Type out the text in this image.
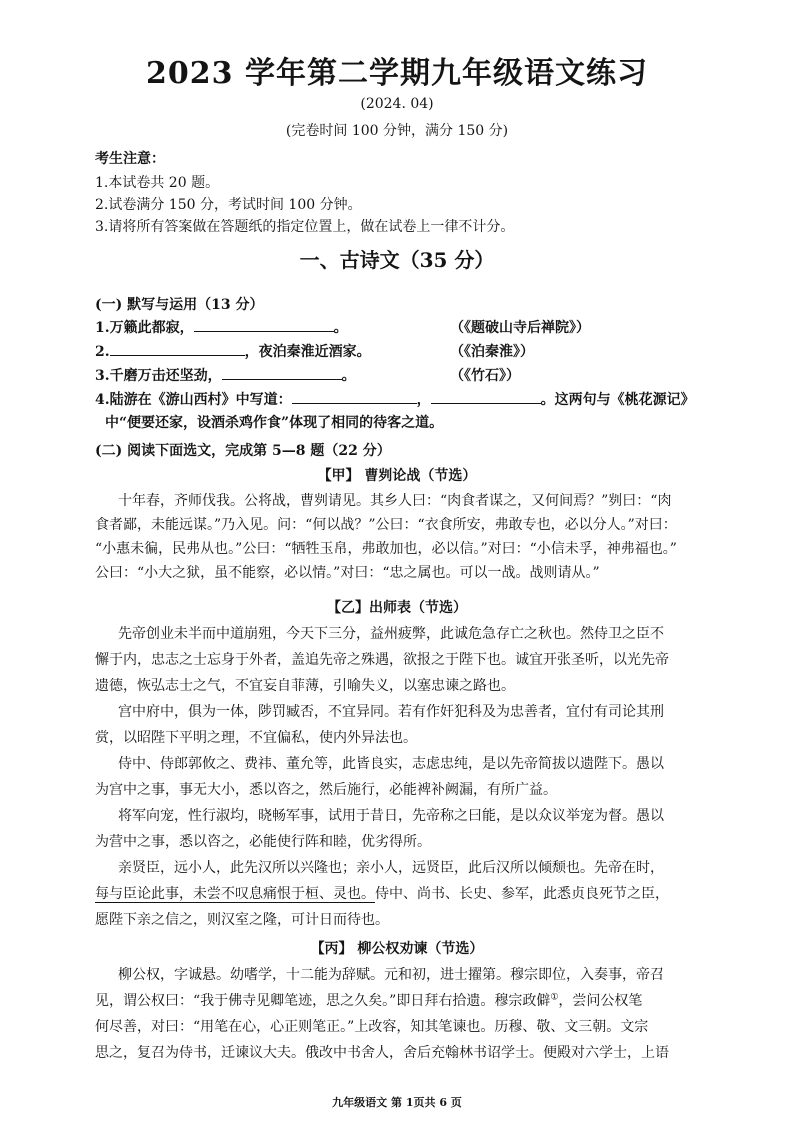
2023 学年第二学期九年级语文练习
(2024. 04)
(完卷时间 100 分钟，满分 150 分)
考生注意：
1.本试卷共 20 题。
2.试卷满分 150 分，考试时间 100 分钟。
3.请将所有答案做在答题纸的指定位置上，做在试卷上一律不计分。
一、古诗文（35 分）
(一) 默写与运用（13 分）
1.万籁此都寂，	。	（《题破山寺后禅院》）
2.	，夜泊秦淮近酒家。	（《泊秦淮》）
3.千磨万击还坚劲，	。	（《竹石》）
4.陆游在《游山西村》中写道：	，	。这两句与《桃花源记》
中“便要还家，设酒杀鸡作食”体现了相同的待客之道。
(二) 阅读下面选文，完成第 5—8 题（22 分）
【甲】 曹刿论战（节选）
十年春，齐师伐我。公将战，曹刿请见。其乡人曰：“肉食者谋之，又何间焉？”刿曰：“肉
食者鄙，未能远谋。”乃入见。问：“何以战？”公曰：“衣食所安，弗敢专也，必以分人。”对曰：
“小惠未徧，民弗从也。”公曰：“牺牲玉帛，弗敢加也，必以信。”对曰：“小信未孚，神弗福也。”
公曰：“小大之狱，虽不能察，必以情。”对曰：“忠之属也。可以一战。战则请从。”
【乙】出师表（节选）
先帝创业未半而中道崩殂，今天下三分，益州疲弊，此诚危急存亡之秋也。然侍卫之臣不
懈于内，忠志之士忘身于外者，盖追先帝之殊遇，欲报之于陛下也。诚宜开张圣听，以光先帝
遗德，恢弘志士之气，不宜妄自菲薄，引喻失义，以塞忠谏之路也。
宫中府中，俱为一体，陟罚臧否，不宜异同。若有作奸犯科及为忠善者，宜付有司论其刑
赏，以昭陛下平明之理，不宜偏私，使内外异法也。
侍中、侍郎郭攸之、费祎、董允等，此皆良实，志虑忠纯，是以先帝简拔以遗陛下。愚以
为宫中之事，事无大小，悉以咨之，然后施行，必能裨补阙漏，有所广益。
将军向宠，性行淑均，晓畅军事，试用于昔日，先帝称之曰能，是以众议举宠为督。愚以
为营中之事，悉以咨之，必能使行阵和睦，优劣得所。
亲贤臣，远小人，此先汉所以兴隆也；亲小人，远贤臣，此后汉所以倾颓也。先帝在时，
每与臣论此事，未尝不叹息痛恨于桓、灵也。侍中、尚书、长史、参军，此悉贞良死节之臣，
愿陛下亲之信之，则汉室之隆，可计日而待也。
【丙】 柳公权劝谏（节选）
柳公权，字诚悬。幼嗜学，十二能为辞赋。元和初，进士擢第。穆宗即位，入奏事，帝召
见，谓公权曰：“我于佛寺见卿笔迹，思之久矣。”即日拜右拾遗。穆宗政僻①，尝问公权笔
何尽善，对曰：“用笔在心，心正则笔正。”上改容，知其笔谏也。历穆、敬、文三朝。文宗
思之，复召为侍书，迁谏议大夫。俄改中书舍人，舍后充翰林书诏学士。便殿对六学士，上语
九年级语文 第 1页共 6 页
